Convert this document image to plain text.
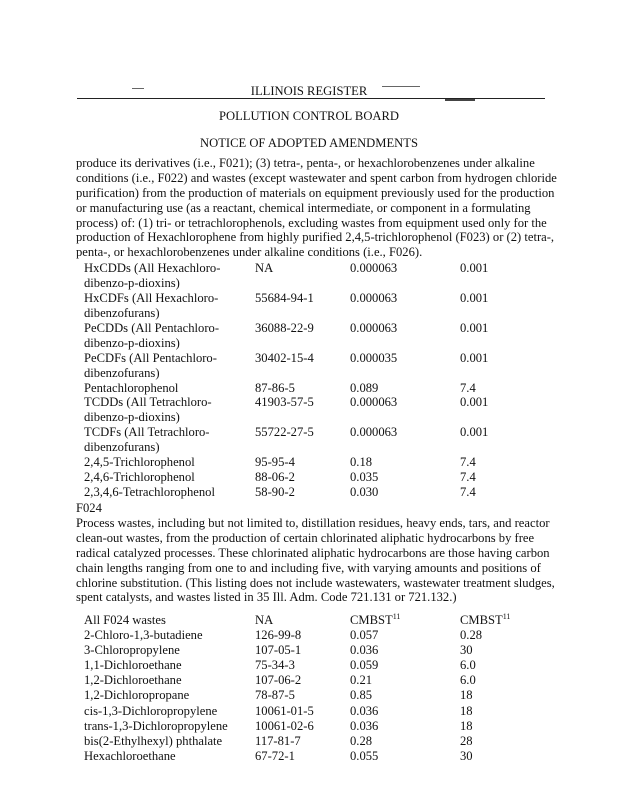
ILLINOIS REGISTER
POLLUTION CONTROL BOARD
NOTICE OF ADOPTED AMENDMENTS
produce its derivatives (i.e., F021); (3) tetra-, penta-, or hexachlorobenzenes under alkaline
conditions (i.e., F022) and wastes (except wastewater and spent carbon from hydrogen chloride
purification) from the production of materials on equipment previously used for the production
or manufacturing use (as a reactant, chemical intermediate, or component in a formulating
process) of: (1) tri- or tetrachlorophenols, excluding wastes from equipment used only for the
production of Hexachlorophene from highly purified 2,4,5-trichlorophenol (F023) or (2) tetra-,
penta-, or hexachlorobenzenes under alkaline conditions (i.e., F026).
HxCDDs (All Hexachloro-	NA	0.000063	0.001
dibenzo-p-dioxins)
HxCDFs (All Hexachloro-	55684-94-1	0.000063	0.001
dibenzofurans)
PeCDDs (All Pentachloro-	36088-22-9	0.000063	0.001
dibenzo-p-dioxins)
PeCDFs (All Pentachloro-	30402-15-4	0.000035	0.001
dibenzofurans)
Pentachlorophenol	87-86-5	0.089	7.4
TCDDs (All Tetrachloro-	41903-57-5	0.000063	0.001
dibenzo-p-dioxins)
TCDFs (All Tetrachloro-	55722-27-5	0.000063	0.001
dibenzofurans)
2,4,5-Trichlorophenol	95-95-4	0.18	7.4
2,4,6-Trichlorophenol	88-06-2	0.035	7.4
2,3,4,6-Tetrachlorophenol	58-90-2	0.030	7.4
F024
Process wastes, including but not limited to, distillation residues, heavy ends, tars, and reactor
clean-out wastes, from the production of certain chlorinated aliphatic hydrocarbons by free
radical catalyzed processes. These chlorinated aliphatic hydrocarbons are those having carbon
chain lengths ranging from one to and including five, with varying amounts and positions of
chlorine substitution. (This listing does not include wastewaters, wastewater treatment sludges,
spent catalysts, and wastes listed in 35 Ill. Adm. Code 721.131 or 721.132.)
All F024 wastes	NA	CMBST$^{11}$	CMBST$^{11}$
2-Chloro-1,3-butadiene	126-99-8	0.057	0.28
3-Chloropropylene	107-05-1	0.036	30
1,1-Dichloroethane	75-34-3	0.059	6.0
1,2-Dichloroethane	107-06-2	0.21	6.0
1,2-Dichloropropane	78-87-5	0.85	18
cis-1,3-Dichloropropylene	10061-01-5	0.036	18
trans-1,3-Dichloropropylene 10061-02-6	0.036	18
bis(2-Ethylhexyl) phthalate	117-81-7	0.28	28
Hexachloroethane	67-72-1	0.055	30
